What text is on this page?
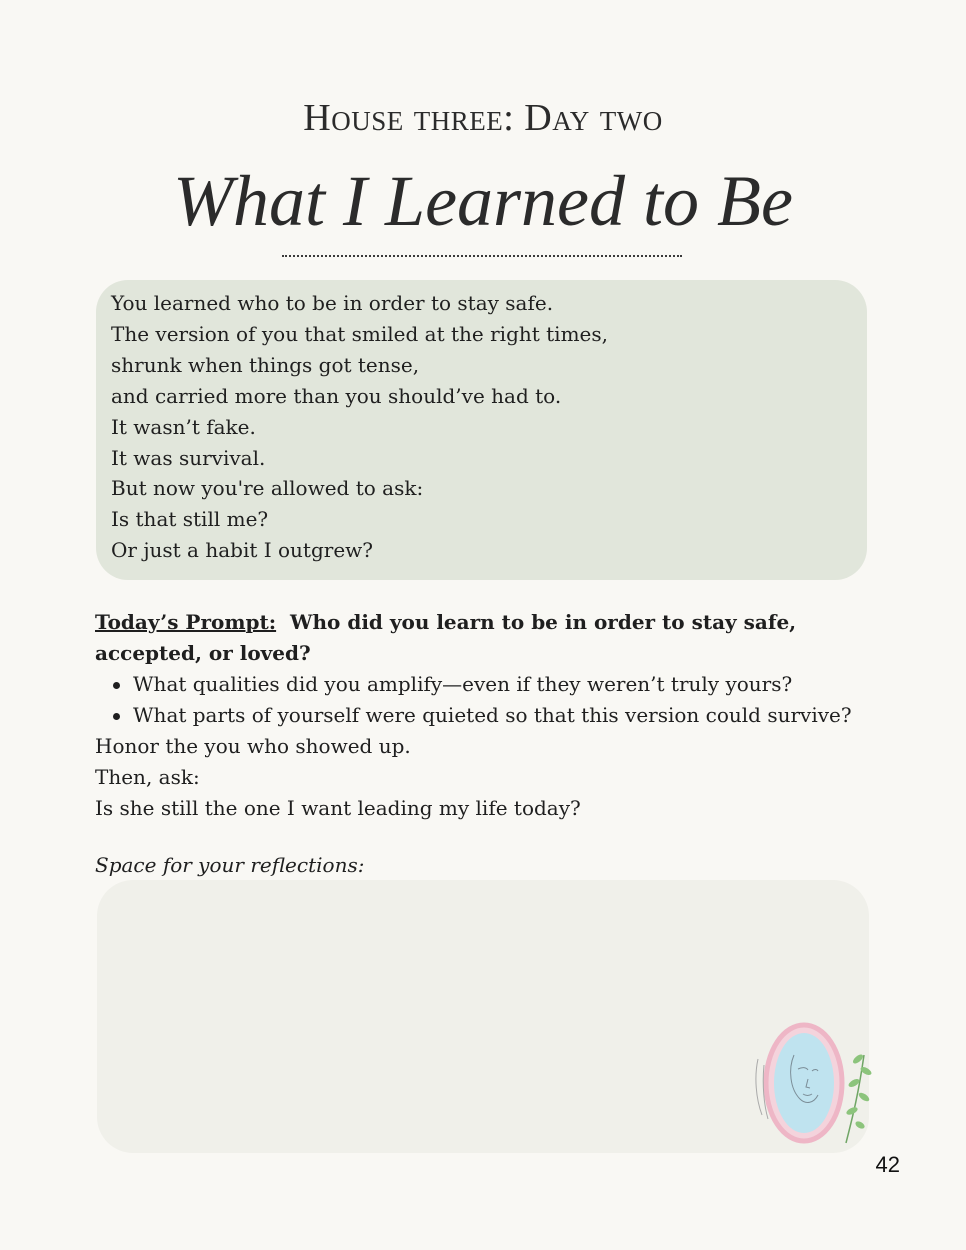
House three: Day two
What I Learned to Be
You learned who to be in order to stay safe.
The version of you that smiled at the right times,
shrunk when things got tense,
and carried more than you should’ve had to.
It wasn’t fake.
It was survival.
But now you're allowed to ask:
Is that still me?
Or just a habit I outgrew?
Today’s Prompt: Who did you learn to be in order to stay safe, accepted, or loved?
What qualities did you amplify—even if they weren’t truly yours?
What parts of yourself were quieted so that this version could survive?
Honor the you who showed up.
Then, ask:
Is she still the one I want leading my life today?
Space for your reflections:
42
